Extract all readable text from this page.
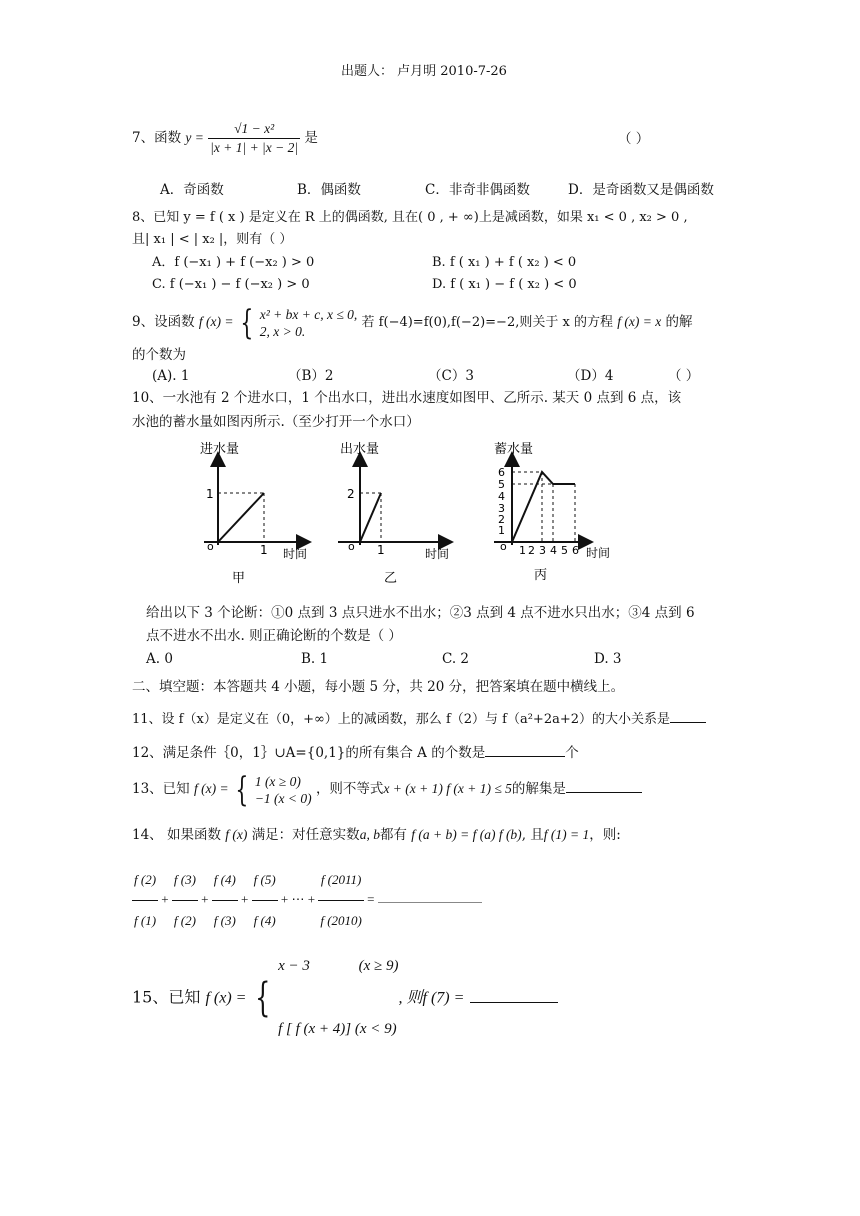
出题人： 卢月明 2010-7-26
7、函数 $y = \frac{\text{√1 − x²}}{|x + 1| + |x - 2|}$ 是	（ ）
A．奇函数	B．偶函数	C．非奇非偶函数	D．是奇函数又是偶函数
8、已知 y = f ( x ) 是定义在 R 上的偶函数, 且在( 0 , + ∞)上是减函数，如果 x₁ < 0 , x₂ > 0 ,
且| x₁ | < | x₂ |，则有（ ）
A．f (−x₁ ) + f (−x₂ ) > 0	B. f ( x₁ ) + f ( x₂ ) < 0
C. f (−x₁ ) − f (−x₂ ) > 0	D. f ( x₁ ) − f ( x₂ ) < 0
9、设函数 f (x) = { x² + bx + c, x ≤ 0,
2, x > 0.
若 f(−4)=f(0),f(−2)=−2,则关于 x 的方程 f (x) = x 的解
的个数为
(A). 1	（B）2	（C）3	（D）4	（ ）
10、一水池有 2 个进水口，1 个出水口，进出水速度如图甲、乙所示. 某天 0 点到 6 点，该
水池的蓄水量如图丙所示.（至少打开一个水口）
进水量
1
o	1 时间
甲
出水量
2
o 1	时间
乙
蓄水量
6
5
4
3
2
1
o 1 2 3 4 5 6 时间
丙
给出以下 3 个论断：①0 点到 3 点只进水不出水；②3 点到 4 点不进水只出水；③4 点到 6
点不进水不出水. 则正确论断的个数是（ ）
A. 0	B. 1	C. 2	D. 3
二、填空题：本答题共 4 小题，每小题 5 分，共 20 分，把答案填在题中横线上。
11、设 f（x）是定义在（0，+∞）上的减函数，那么 f（2）与 f（a²+2a+2）的大小关系是
12、满足条件｛0，1｝∪A={0,1}的所有集合 A 的个数是	个
13、已知 f (x) = { 1 (x ≥ 0)
−1 (x < 0)
，则不等式x + (x + 1) f (x + 1) ≤ 5的解集是
14、 如果函数 f (x) 满足：对任意实数a, b都有 f (a + b) = f (a) f (b), 且f (1) = 1，则:
$\frac{f (2)}{f (1)} + \frac{f (3)}{f (2)} + \frac{f (4)}{f (3)} + \frac{f (5)}{f (4)}$ + ⋯ + $\frac{f (2011)}{f (2010)}$ =
15、已知 f (x) = {

x − 3             (x ≥ 9)

f [ f (x + 4)] (x < 9)

, 则f (7) =
